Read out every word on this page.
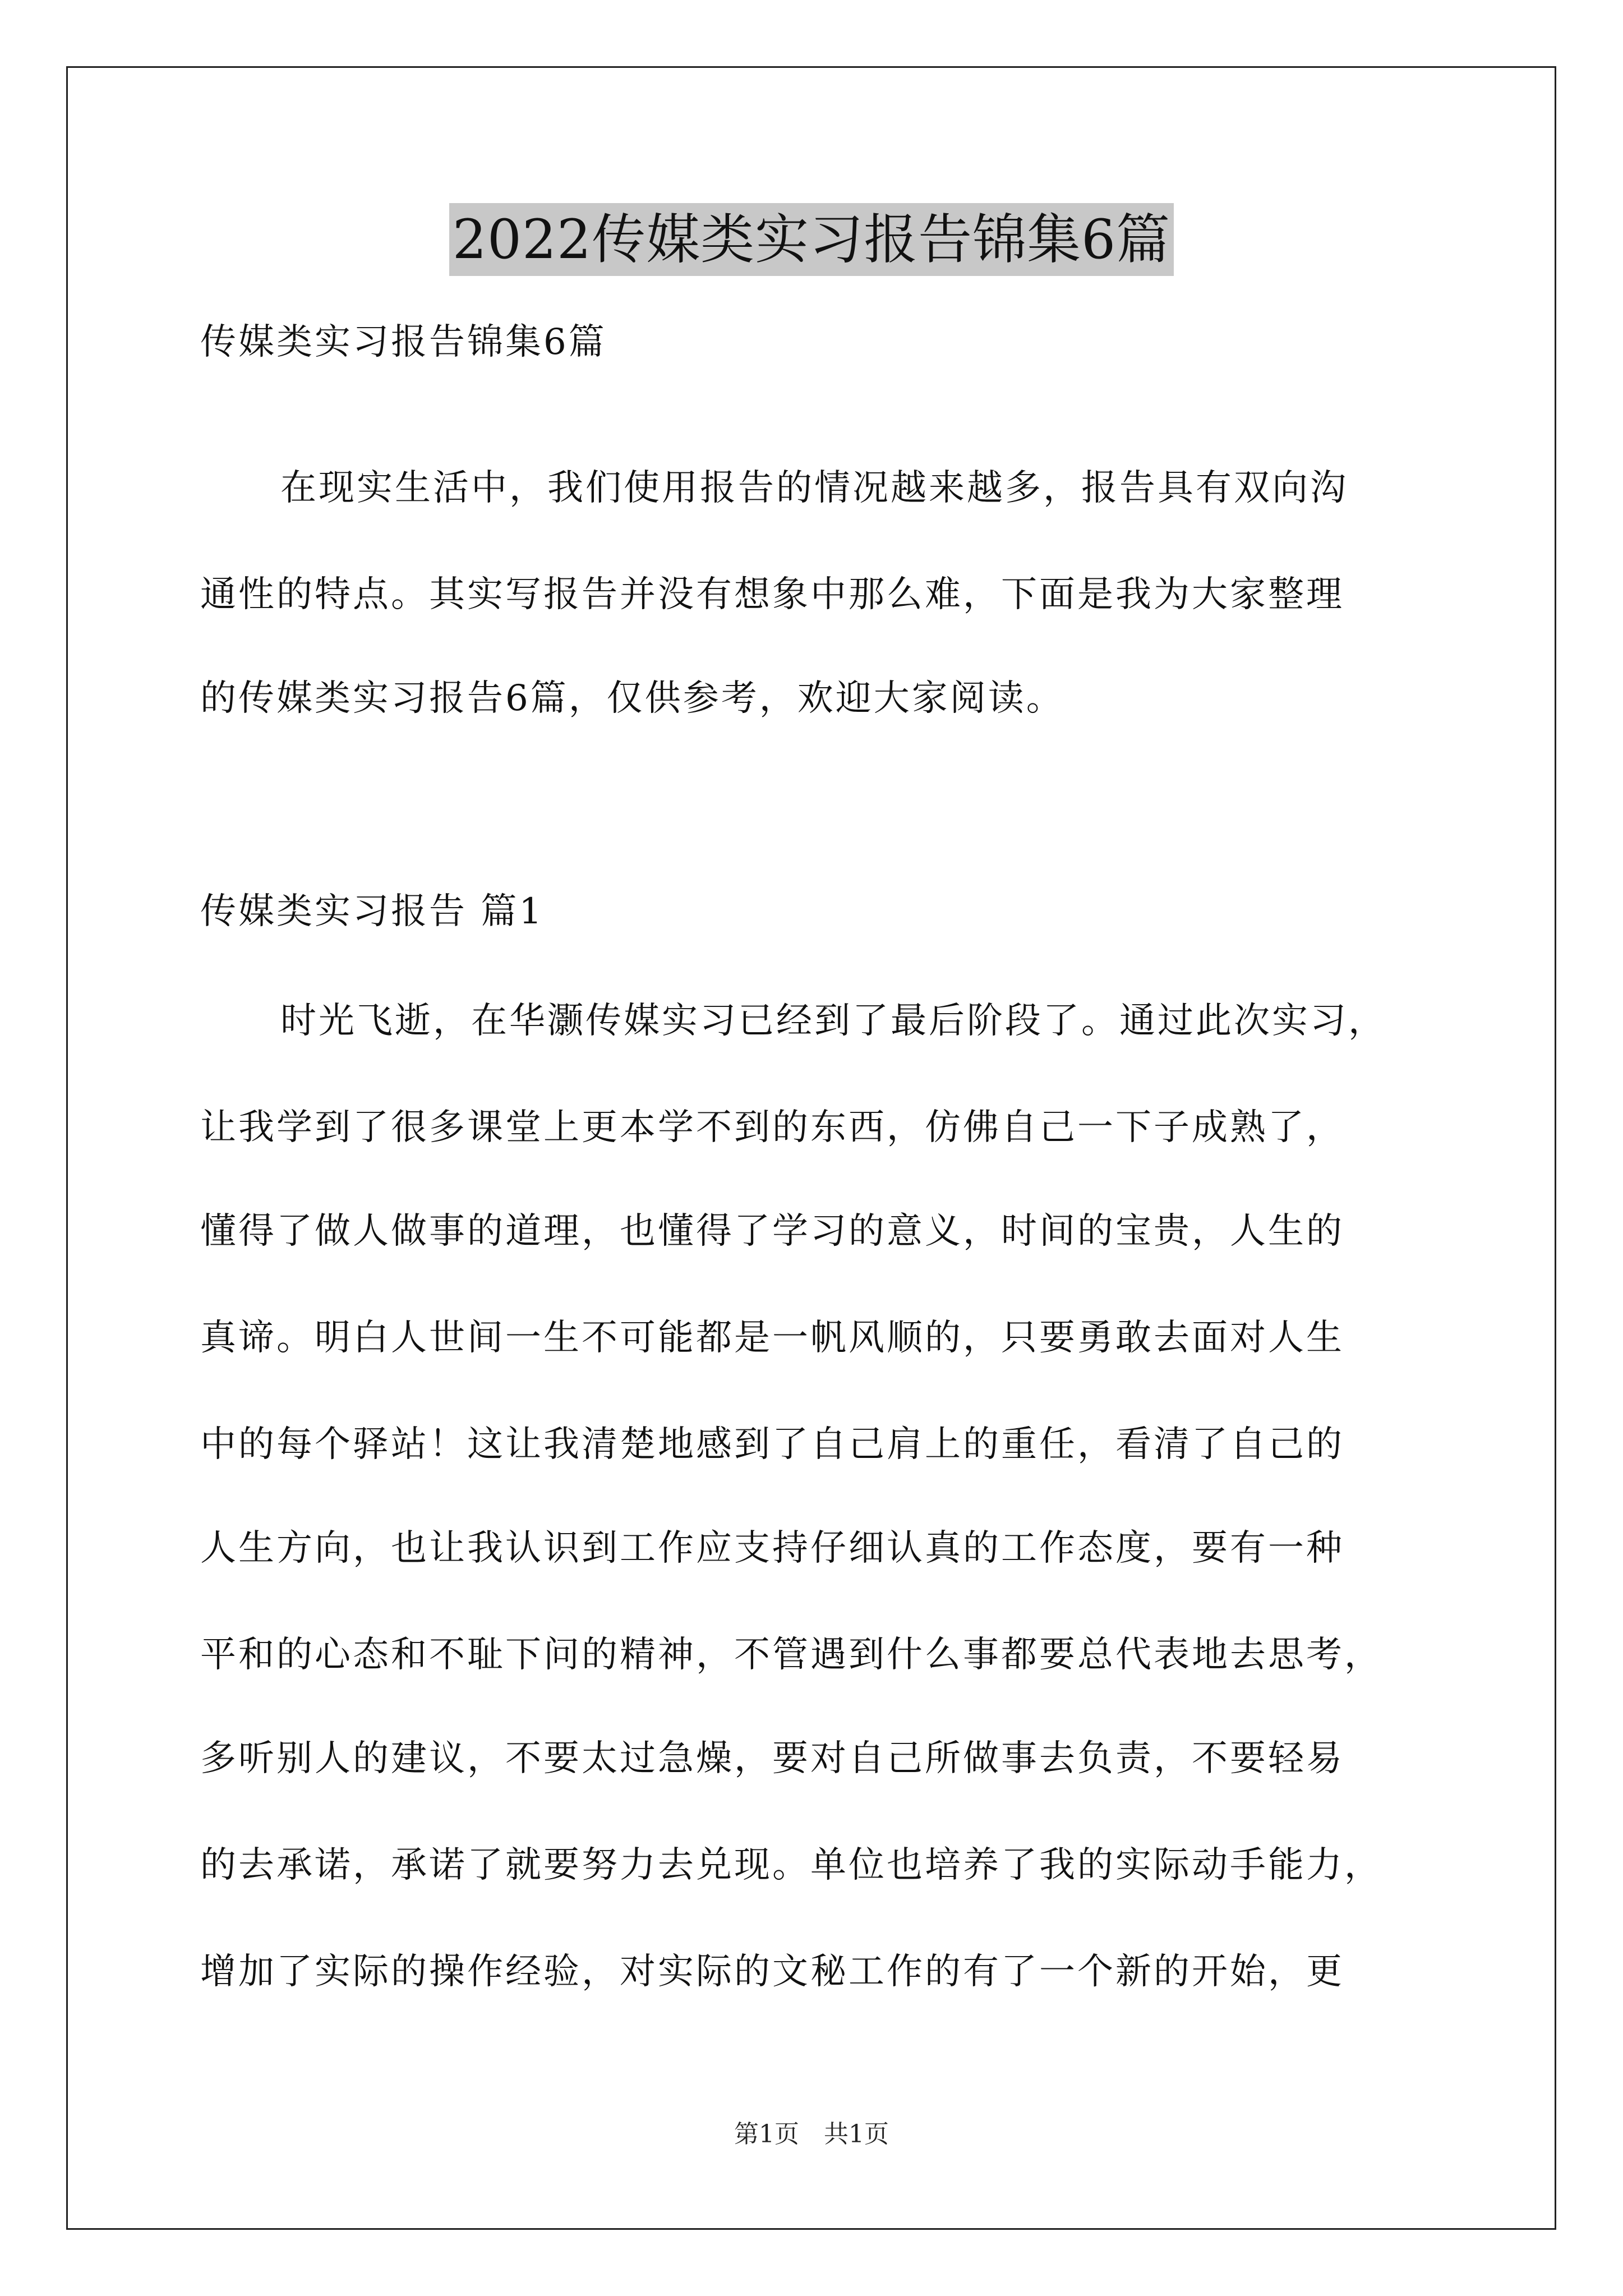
2022传媒类实习报告锦集6篇
传媒类实习报告锦集6篇
在现实生活中，我们使用报告的情况越来越多，报告具有双向沟
通性的特点。其实写报告并没有想象中那么难，下面是我为大家整理
的传媒类实习报告6篇，仅供参考，欢迎大家阅读。
传媒类实习报告 篇1
时光飞逝，在华灏传媒实习已经到了最后阶段了。通过此次实习，
让我学到了很多课堂上更本学不到的东西，仿佛自己一下子成熟了，
懂得了做人做事的道理，也懂得了学习的意义，时间的宝贵，人生的
真谛。明白人世间一生不可能都是一帆风顺的，只要勇敢去面对人生
中的每个驿站！这让我清楚地感到了自己肩上的重任，看清了自己的
人生方向，也让我认识到工作应支持仔细认真的工作态度，要有一种
平和的心态和不耻下问的精神，不管遇到什么事都要总代表地去思考，
多听别人的建议，不要太过急燥，要对自己所做事去负责，不要轻易
的去承诺，承诺了就要努力去兑现。单位也培养了我的实际动手能力，
增加了实际的操作经验，对实际的文秘工作的有了一个新的开始，更
第1页　共1页
